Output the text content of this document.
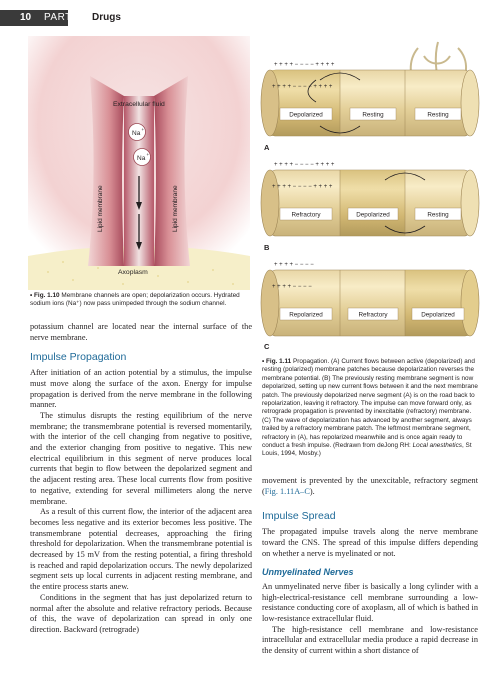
10	PART I Drugs
Na
+
Na
+
Extracellular fluid
Lipid membrane	Lipid membrane
Axoplasm
• Fig. 1.10 Membrane channels are open; depolarization occurs. Hydrated sodium ions (Na⁺) now pass unimpeded through the sodium channel.
Depolarized	Resting	Resting
+ + + + − − − − + + + +
+ + + + − − − − + + + +
A
Refractory	Depolarized	Resting
+ + + + − − − − + + + +
+ + + + − − − − + + + +
B
Repolarized	Refractory	Depolarized
+ + + + − − − −
+ + + + − − − −
C
• Fig. 1.11 Propagation. (A) Current flows between active (depolarized) and resting (polarized) membrane patches because depolarization reverses the membrane potential. (B) The previously resting membrane segment is now depolarized, setting up new current flows between it and the next membrane patch. The previously depolarized nerve segment (A) is on the road back to repolarization, leaving it refractory. The impulse can move forward only, as retrograde propagation is prevented by inexcitable (refractory) membrane. (C) The wave of depolarization has advanced by another segment, always trailed by a refractory membrane patch. The leftmost membrane segment, refractory in (A), has repolarized meanwhile and is once again ready to conduct a fresh impulse. (Redrawn from deJong RH: Local anesthetics, St Louis, 1994, Mosby.)

potassium channel are located near the internal surface of the nerve membrane.

Impulse Propagation

After initiation of an action potential by a stimulus, the impulse must move along the surface of the axon. Energy for impulse propagation is derived from the nerve membrane in the following manner.

The stimulus disrupts the resting equilibrium of the nerve membrane; the transmembrane potential is reversed momentarily, with the interior of the cell changing from negative to positive, and the exterior changing from positive to negative. This new electrical equilibrium in this segment of nerve produces local currents that begin to flow between the depolarized segment and the adjacent resting area. These local currents flow from positive to negative, extending for several millimeters along the nerve membrane.

As a result of this current flow, the interior of the adjacent area becomes less negative and its exterior becomes less positive. The transmembrane potential decreases, approaching the firing threshold for depolarization. When the transmembrane potential is decreased by 15 mV from the resting potential, a firing threshold is reached and rapid depolarization occurs. The newly depolarized segment sets up local currents in adjacent resting membrane, and the entire process starts anew.

Conditions in the segment that has just depolarized return to normal after the absolute and relative refractory periods. Because of this, the wave of depolarization can spread in only one direction. Backward (retrograde)

movement is prevented by the unexcitable, refractory segment (Fig. 1.11A–C).

Impulse Spread

The propagated impulse travels along the nerve membrane toward the CNS. The spread of this impulse differs depending on whether a nerve is myelinated or not.

Unmyelinated Nerves

An unmyelinated nerve fiber is basically a long cylinder with a high-electrical-resistance cell membrane surrounding a low-resistance conducting core of axoplasm, all of which is bathed in low-resistance extracellular fluid.

The high-resistance cell membrane and low-resistance intracellular and extracellular media produce a rapid decrease in the density of current within a short distance of
